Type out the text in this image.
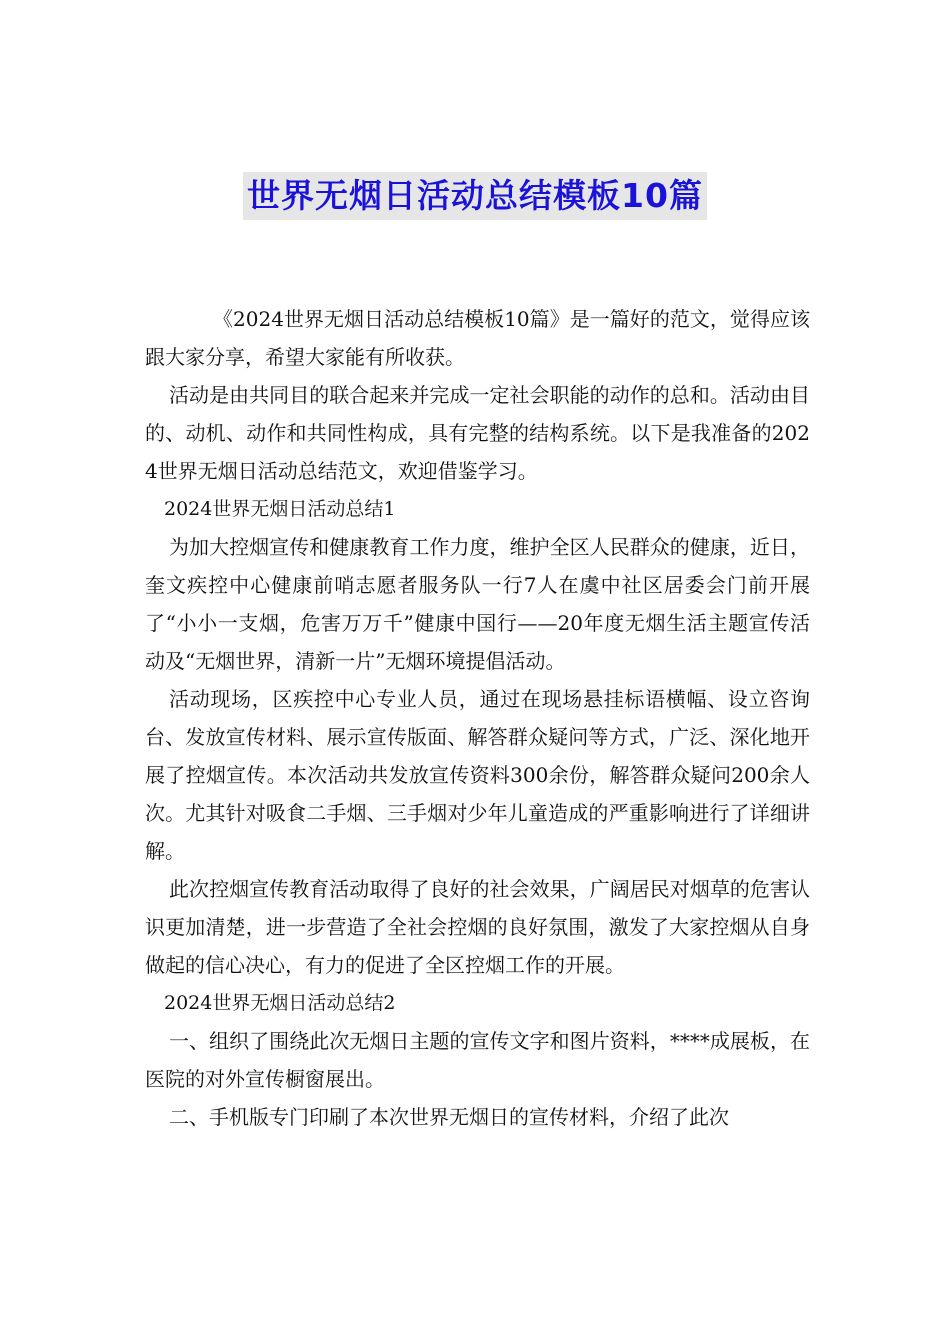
世界无烟日活动总结模板10篇

《2024世界无烟日活动总结模板10篇》是一篇好的范文，觉得应该跟大家分享，希望大家能有所收获。

活动是由共同目的联合起来并完成一定社会职能的动作的总和。活动由目的、动机、动作和共同性构成，具有完整的结构系统。以下是我准备的2024世界无烟日活动总结范文，欢迎借鉴学习。

2024世界无烟日活动总结1

为加大控烟宣传和健康教育工作力度，维护全区人民群众的健康，近日，奎文疾控中心健康前哨志愿者服务队一行7人在虞中社区居委会门前开展了“小小一支烟，危害万万千”健康中国行——20年度无烟生活主题宣传活动及“无烟世界，清新一片”无烟环境提倡活动。

活动现场，区疾控中心专业人员，通过在现场悬挂标语横幅、设立咨询台、发放宣传材料、展示宣传版面、解答群众疑问等方式，广泛、深化地开展了控烟宣传。本次活动共发放宣传资料300余份，解答群众疑问200余人次。尤其针对吸食二手烟、三手烟对少年儿童造成的严重影响进行了详细讲解。

此次控烟宣传教育活动取得了良好的社会效果，广阔居民对烟草的危害认识更加清楚，进一步营造了全社会控烟的良好氛围，激发了大家控烟从自身做起的信心决心，有力的促进了全区控烟工作的开展。

2024世界无烟日活动总结2

一、组织了围绕此次无烟日主题的宣传文字和图片资料，****成展板，在医院的对外宣传橱窗展出。

二、手机版专门印刷了本次世界无烟日的宣传材料，介绍了此次
